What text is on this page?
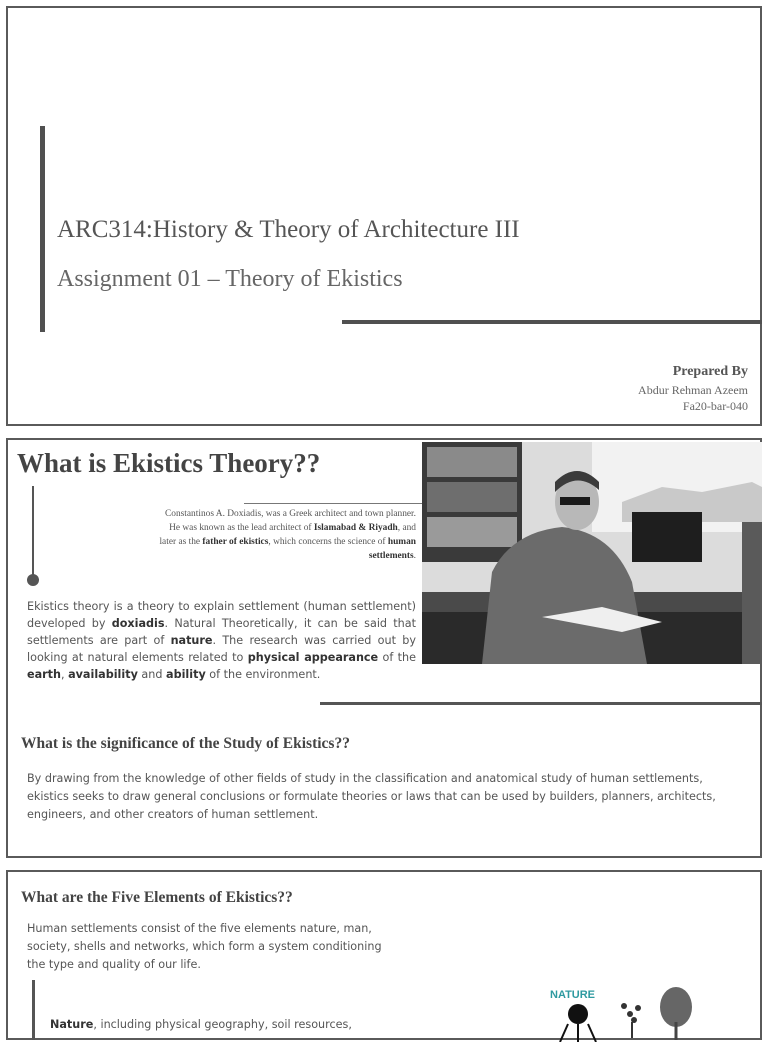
ARC314:History & Theory of Architecture III
Assignment 01 – Theory of Ekistics
Prepared By
Abdur Rehman Azeem
Fa20-bar-040
What is Ekistics Theory??
Constantinos A. Doxiadis, was a Greek architect and town planner. He was known as the lead architect of Islamabad & Riyadh, and later as the father of ekistics, which concerns the science of human settlements.
Ekistics theory is a theory to explain settlement (human settlement) developed by doxiadis. Natural Theoretically, it can be said that settlements are part of nature. The research was carried out by looking at natural elements related to physical appearance of the earth, availability and ability of the environment.
What is the significance of the Study of Ekistics??
By drawing from the knowledge of other fields of study in the classification and anatomical study of human settlements, ekistics seeks to draw general conclusions or formulate theories or laws that can be used by builders, planners, architects, engineers, and other creators of human settlement.
What are the Five Elements of Ekistics??
Human settlements consist of the five elements nature, man, society, shells and networks, which form a system conditioning the type and quality of our life.
Nature, including physical geography, soil resources,
NATURE
